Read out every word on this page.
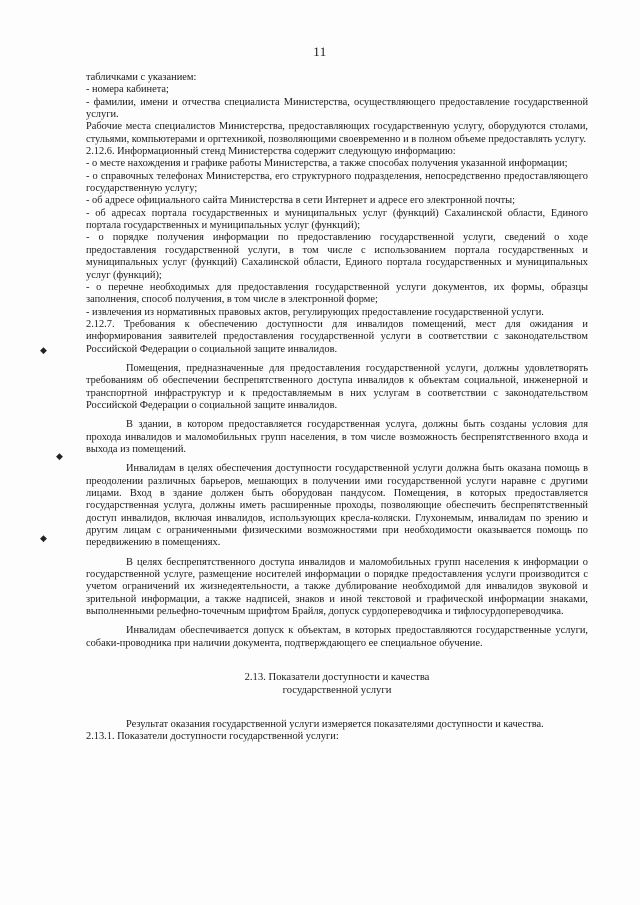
11
◆
◆
◆

табличками с указанием:

- номера кабинета;

- фамилии, имени и отчества специалиста Министерства, осуществляющего предоставление государственной услуги.

Рабочие места специалистов Министерства, предоставляющих государственную услугу, оборудуются столами, стульями, компьютерами и оргтехникой, позволяющими своевременно и в полном объеме предоставлять услугу.

2.12.6. Информационный стенд Министерства содержит следующую информацию:

- о месте нахождения и графике работы Министерства, а также способах получения указанной информации;

- о справочных телефонах Министерства, его структурного подразделения, непосредственно предоставляющего государственную услугу;

- об адресе официального сайта Министерства в сети Интернет и адресе его электронной почты;

- об адресах портала государственных и муниципальных услуг (функций) Сахалинской области, Единого портала государственных и муниципальных услуг (функций);

- о порядке получения информации по предоставлению государственной услуги, сведений о ходе предоставления государственной услуги, в том числе с использованием портала государственных и муниципальных услуг (функций) Сахалинской области, Единого портала государственных и муниципальных услуг (функций);

- о перечне необходимых для предоставления государственной услуги документов, их формы, образцы заполнения, способ получения, в том числе в электронной форме;

- извлечения из нормативных правовых актов, регулирующих предоставление государственной услуги.

2.12.7. Требования к обеспечению доступности для инвалидов помещений, мест для ожидания и информирования заявителей предоставления государственной услуги в соответствии с законодательством Российской Федерации о социальной защите инвалидов.

Помещения, предназначенные для предоставления государственной услуги, должны удовлетворять требованиям об обеспечении беспрепятственного доступа инвалидов к объектам социальной, инженерной и транспортной инфраструктур и к предоставляемым в них услугам в соответствии с законодательством Российской Федерации о социальной защите инвалидов.

В здании, в котором предоставляется государственная услуга, должны быть созданы условия для прохода инвалидов и маломобильных групп населения, в том числе возможность беспрепятственного входа и выхода из помещений.

Инвалидам в целях обеспечения доступности государственной услуги должна быть оказана помощь в преодолении различных барьеров, мешающих в получении ими государственной услуги наравне с другими лицами. Вход в здание должен быть оборудован пандусом. Помещения, в которых предоставляется государственная услуга, должны иметь расширенные проходы, позволяющие обеспечить беспрепятственный доступ инвалидов, включая инвалидов, использующих кресла-коляски. Глухонемым, инвалидам по зрению и другим лицам с ограниченными физическими возможностями при необходимости оказывается помощь по передвижению в помещениях.

В целях беспрепятственного доступа инвалидов и маломобильных групп населения к информации о государственной услуге, размещение носителей информации о порядке предоставления услуги производится с учетом ограничений их жизнедеятельности, а также дублирование необходимой для инвалидов звуковой и зрительной информации, а также надписей, знаков и иной текстовой и графической информации знаками, выполненными рельефно-точечным шрифтом Брайля, допуск сурдопереводчика и тифлосурдопереводчика.

Инвалидам обеспечивается допуск к объектам, в которых предоставляются государственные услуги, собаки-проводника при наличии документа, подтверждающего ее специальное обучение.

2.13. Показатели доступности и качества
государственной услуги

Результат оказания государственной услуги измеряется показателями доступности и качества.

2.13.1. Показатели доступности государственной услуги:
